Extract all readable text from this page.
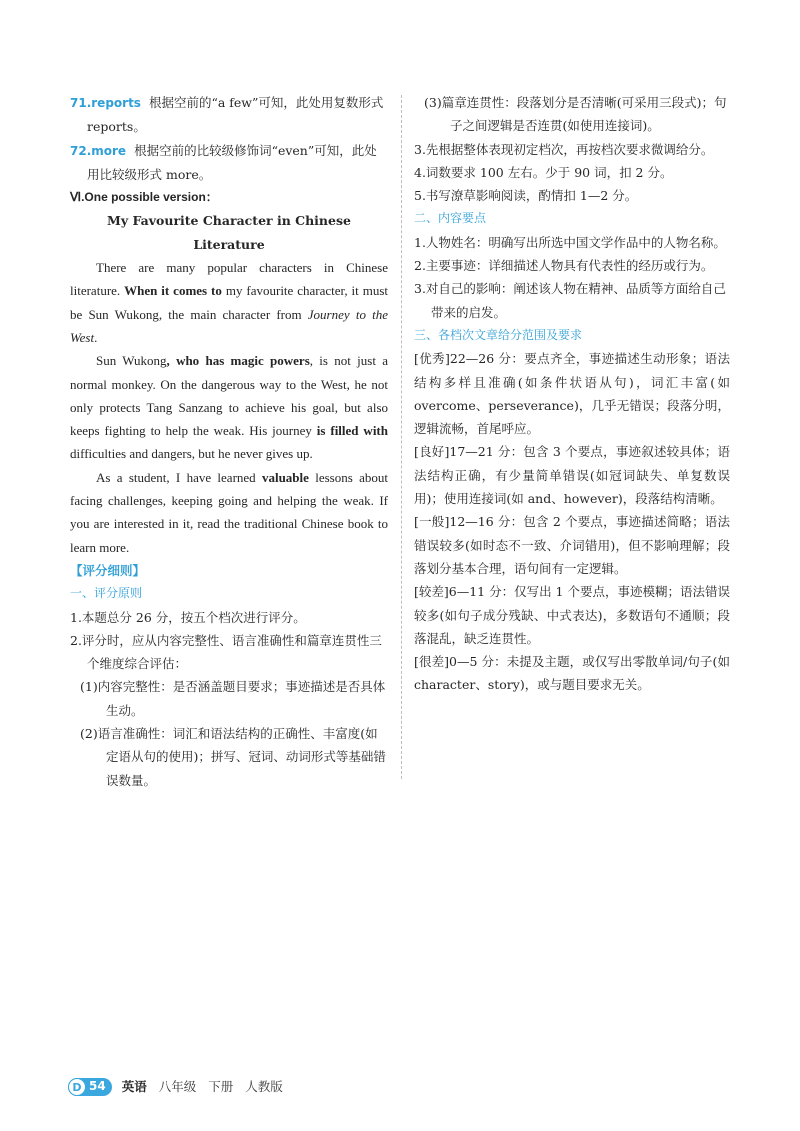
71.reports 根据空前的“a few”可知，此处用复数形式

reports。

72.more 根据空前的比较级修饰词“even”可知，此处

用比较级形式 more。

Ⅵ.One possible version：

My Favourite Character in Chinese Literature

There are many popular characters in Chinese literature. When it comes to my favourite character, it must be Sun Wukong, the main character from Journey to the West.

Sun Wukong, who has magic powers, is not just a normal monkey. On the dangerous way to the West, he not only protects Tang Sanzang to achieve his goal, but also keeps fighting to help the weak. His journey is filled with difficulties and dangers, but he never gives up.

As a student, I have learned valuable lessons about facing challenges, keeping going and helping the weak. If you are interested in it, read the traditional Chinese book to learn more.

【评分细则】

一、评分原则

1.本题总分 26 分，按五个档次进行评分。

2.评分时，应从内容完整性、语言准确性和篇章连贯性三个维度综合评估：

(1)内容完整性：是否涵盖题目要求；事迹描述是否具体生动。

(2)语言准确性：词汇和语法结构的正确性、丰富度(如定语从句的使用)；拼写、冠词、动词形式等基础错误数量。

(3)篇章连贯性：段落划分是否清晰(可采用三段式)；句子之间逻辑是否连贯(如使用连接词)。

3.先根据整体表现初定档次，再按档次要求微调给分。

4.词数要求 100 左右。少于 90 词，扣 2 分。

5.书写潦草影响阅读，酌情扣 1—2 分。

二、内容要点

1.人物姓名：明确写出所选中国文学作品中的人物名称。

2.主要事迹：详细描述人物具有代表性的经历或行为。

3.对自己的影响：阐述该人物在精神、品质等方面给自己带来的启发。

三、各档次文章给分范围及要求

[优秀]22—26 分：要点齐全，事迹描述生动形象；语法结构多样且准确(如条件状语从句)，词汇丰富(如 overcome、perseverance)，几乎无错误；段落分明，逻辑流畅，首尾呼应。

[良好]17—21 分：包含 3 个要点，事迹叙述较具体；语法结构正确，有少量简单错误(如冠词缺失、单复数误用)；使用连接词(如 and、however)，段落结构清晰。

[一般]12—16 分：包含 2 个要点，事迹描述简略；语法错误较多(如时态不一致、介词错用)，但不影响理解；段落划分基本合理，语句间有一定逻辑。

[较差]6—11 分：仅写出 1 个要点，事迹模糊；语法错误较多(如句子成分残缺、中式表达)，多数语句不通顺；段落混乱，缺乏连贯性。

[很差]0—5 分：未提及主题，或仅写出零散单词/句子(如 character、story)，或与题目要求无关。

D 54	英语 八年级 下册 人教版
